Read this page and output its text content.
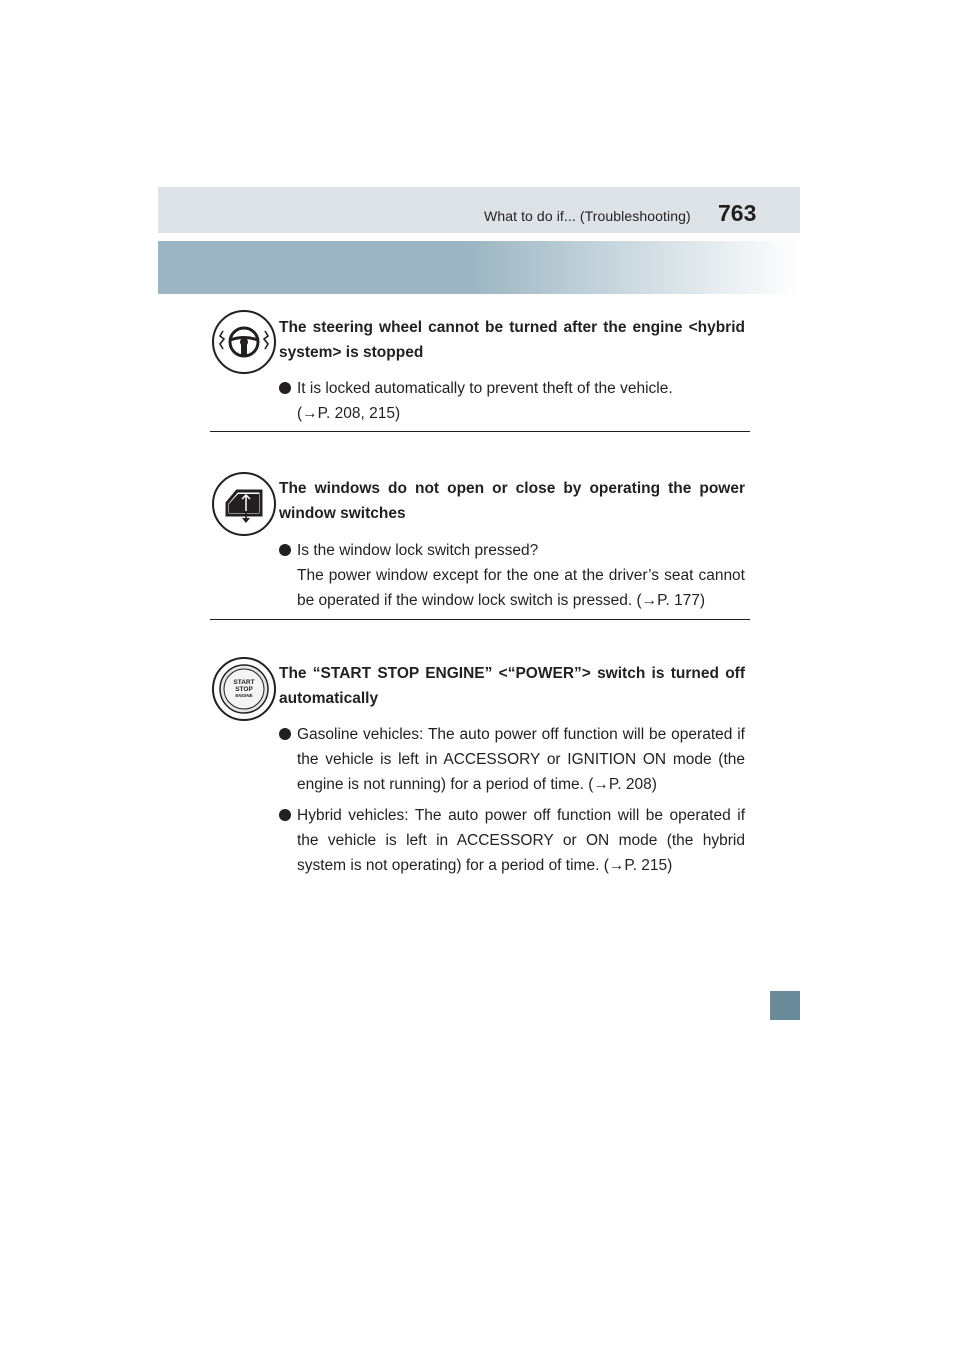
What to do if... (Troubleshooting) 763
The steering wheel cannot be turned after the engine <hybrid system> is stopped
It is locked automatically to prevent theft of the vehicle.
(→P. 208, 215)
The windows do not open or close by operating the power window switches
Is the window lock switch pressed?
The power window except for the one at the driver’s seat cannot be operated if the window lock switch is pressed. (→P. 177)
START
STOP
ENGINE
The “START STOP ENGINE” <“POWER”> switch is turned off automatically
Gasoline vehicles: The auto power off function will be operated if the vehicle is left in ACCESSORY or IGNITION ON mode (the engine is not running) for a period of time. (→P. 208)
Hybrid vehicles: The auto power off function will be operated if the vehicle is left in ACCESSORY or ON mode (the hybrid system is not operating) for a period of time. (→P. 215)
